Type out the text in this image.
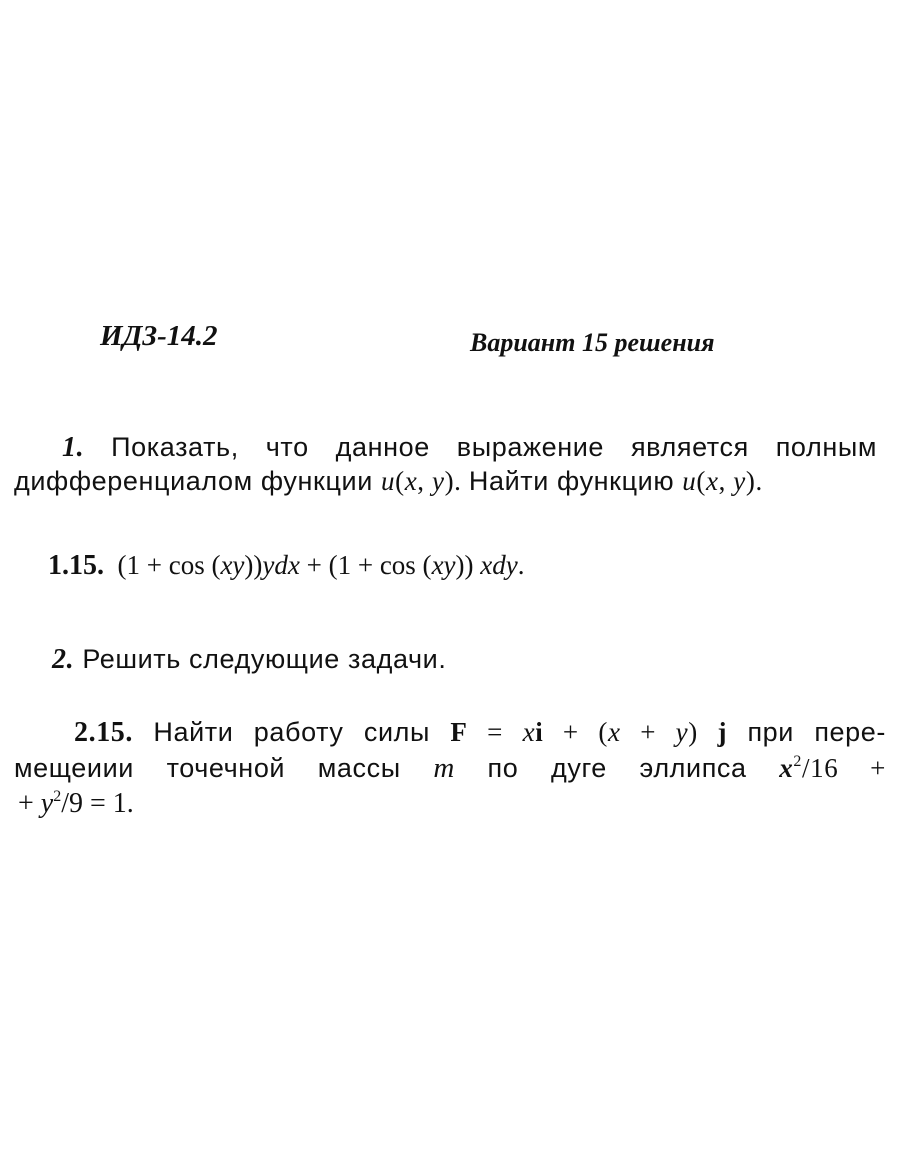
ИДЗ-14.2	Вариант 15 решения
1. Показать, что данное выражение является полным
дифференциалом функции u(x, y). Найти функцию u(x, y).
1.15. (1 + cos (xy))ydx + (1 + cos (xy)) xdy.
2. Решить следующие задачи.
2.15. Найти работу силы F = xi + (x + y) j при пере-
мещеиии точечной массы m по дуге эллипса $x^2/16$ +
+ $y^2/9 = 1$.
